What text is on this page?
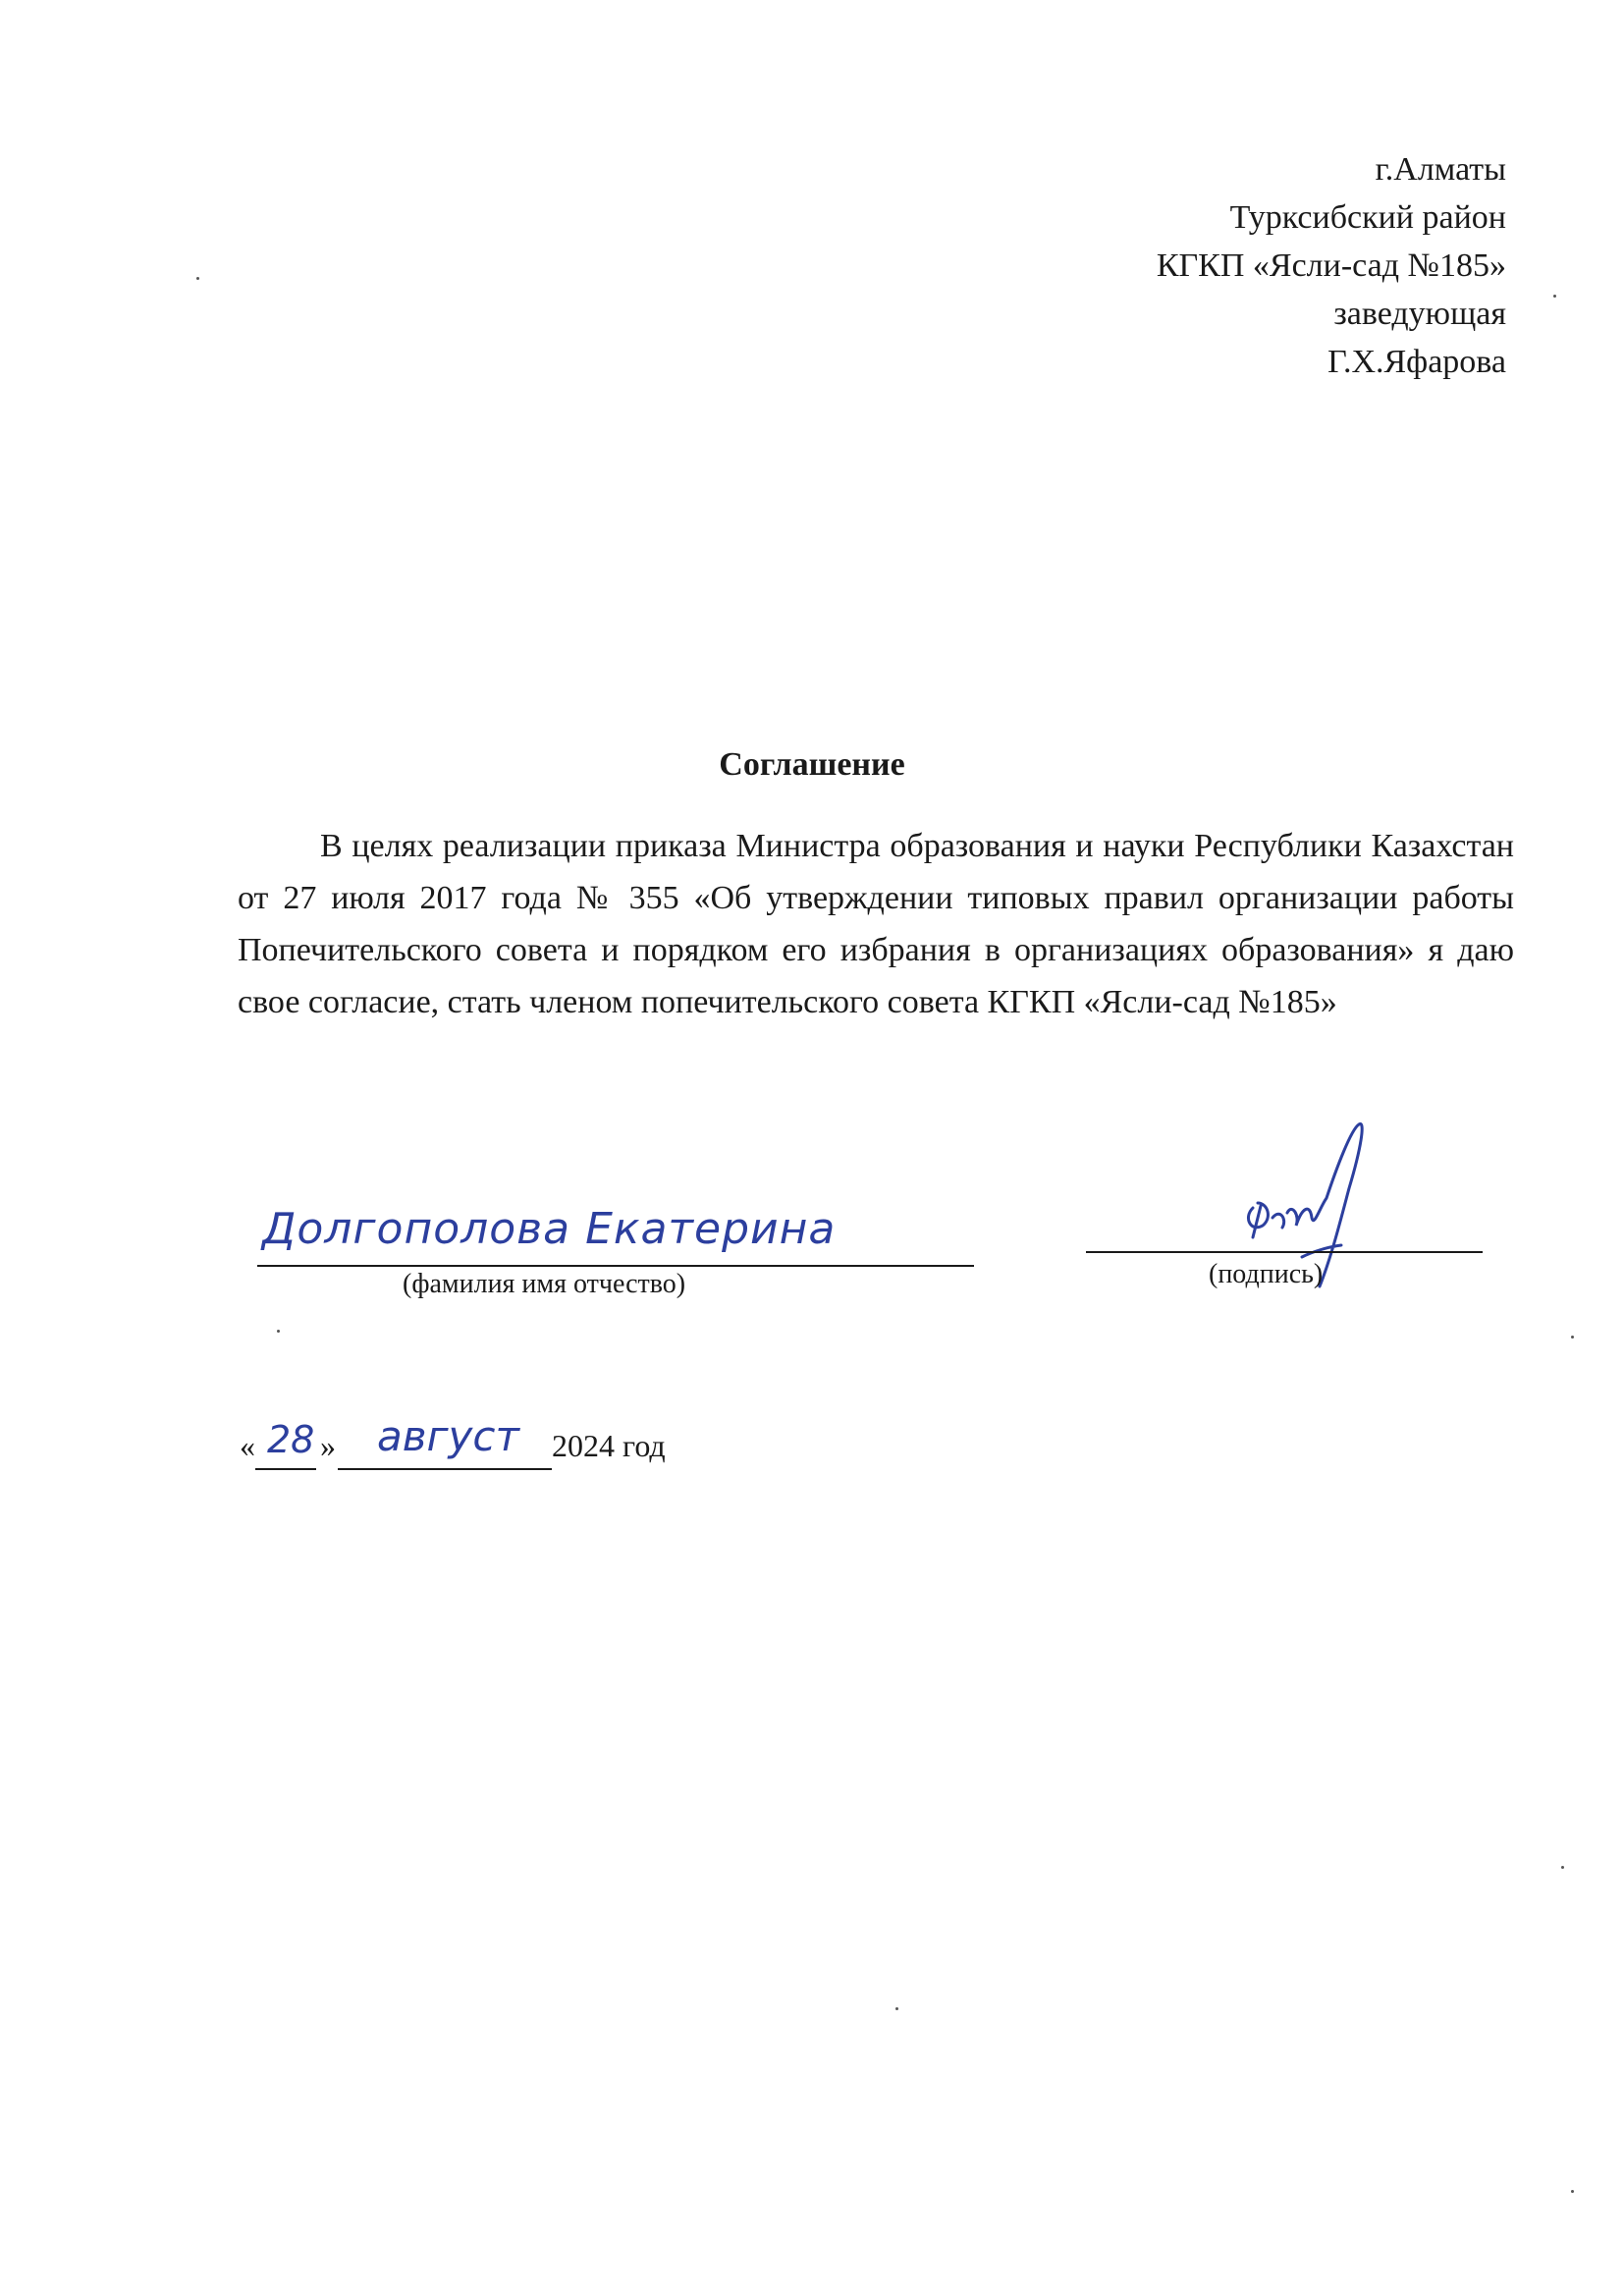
г.Алматы
Турксибский район
КГКП «Ясли-сад №185»
заведующая
Г.Х.Яфарова
Соглашение
В целях реализации приказа Министра образования и науки Республики Казахстан от 27 июля 2017 года № 355 «Об утверждении типовых правил организации работы Попечительского совета и порядком его избрания в организациях образования» я даю свое согласие, стать членом попечительского совета КГКП «Ясли-сад №185»
Долгополова Екатерина
(фамилия имя отчество)	(подпись)
« 28 » август 2024 год
